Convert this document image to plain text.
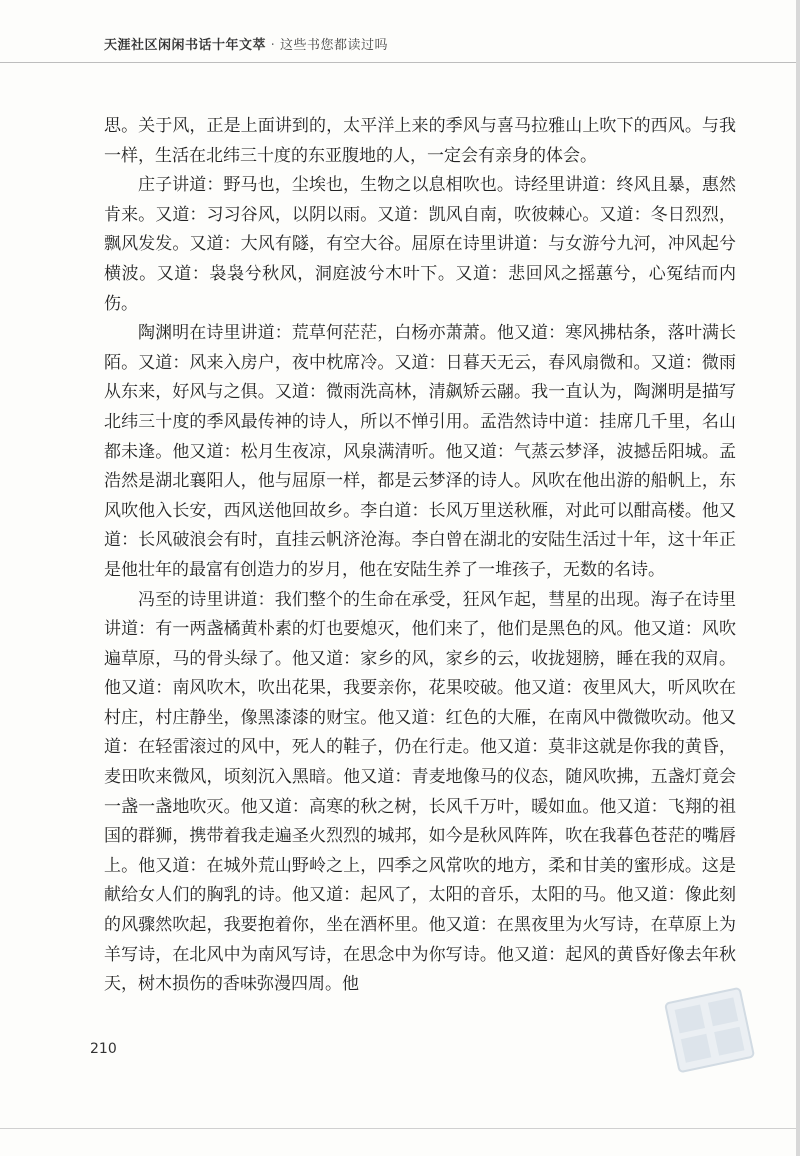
天涯社区闲闲书话十年文萃 · 这些书您都读过吗

思。关于风，正是上面讲到的，太平洋上来的季风与喜马拉雅山上吹下的西风。与我一样，生活在北纬三十度的东亚腹地的人，一定会有亲身的体会。

庄子讲道：野马也，尘埃也，生物之以息相吹也。诗经里讲道：终风且暴，惠然肯来。又道：习习谷风，以阴以雨。又道：凯风自南，吹彼棘心。又道：冬日烈烈，飘风发发。又道：大风有隧，有空大谷。屈原在诗里讲道：与女游兮九河，冲风起兮横波。又道：袅袅兮秋风，洞庭波兮木叶下。又道：悲回风之摇蕙兮，心冤结而内伤。

陶渊明在诗里讲道：荒草何茫茫，白杨亦萧萧。他又道：寒风拂枯条，落叶满长陌。又道：风来入房户，夜中枕席冷。又道：日暮天无云，春风扇微和。又道：微雨从东来，好风与之俱。又道：微雨洗高林，清飙矫云翮。我一直认为，陶渊明是描写北纬三十度的季风最传神的诗人，所以不惮引用。孟浩然诗中道：挂席几千里，名山都未逢。他又道：松月生夜凉，风泉满清听。他又道：气蒸云梦泽，波撼岳阳城。孟浩然是湖北襄阳人，他与屈原一样，都是云梦泽的诗人。风吹在他出游的船帆上，东风吹他入长安，西风送他回故乡。李白道：长风万里送秋雁，对此可以酣高楼。他又道：长风破浪会有时，直挂云帆济沧海。李白曾在湖北的安陆生活过十年，这十年正是他壮年的最富有创造力的岁月，他在安陆生养了一堆孩子，无数的名诗。

冯至的诗里讲道：我们整个的生命在承受，狂风乍起，彗星的出现。海子在诗里讲道：有一两盏橘黄朴素的灯也要熄灭，他们来了，他们是黑色的风。他又道：风吹遍草原，马的骨头绿了。他又道：家乡的风，家乡的云，收拢翅膀，睡在我的双肩。他又道：南风吹木，吹出花果，我要亲你，花果咬破。他又道：夜里风大，听风吹在村庄，村庄静坐，像黑漆漆的财宝。他又道：红色的大雁，在南风中微微吹动。他又道：在轻雷滚过的风中，死人的鞋子，仍在行走。他又道：莫非这就是你我的黄昏，麦田吹来微风，顷刻沉入黑暗。他又道：青麦地像马的仪态，随风吹拂，五盏灯竟会一盏一盏地吹灭。他又道：高寒的秋之树，长风千万叶，暖如血。他又道：飞翔的祖国的群狮，携带着我走遍圣火烈烈的城邦，如今是秋风阵阵，吹在我暮色苍茫的嘴唇上。他又道：在城外荒山野岭之上，四季之风常吹的地方，柔和甘美的蜜形成。这是献给女人们的胸乳的诗。他又道：起风了，太阳的音乐，太阳的马。他又道：像此刻的风骤然吹起，我要抱着你，坐在酒杯里。他又道：在黑夜里为火写诗，在草原上为羊写诗，在北风中为南风写诗，在思念中为你写诗。他又道：起风的黄昏好像去年秋天，树木损伤的香味弥漫四周。他

210
